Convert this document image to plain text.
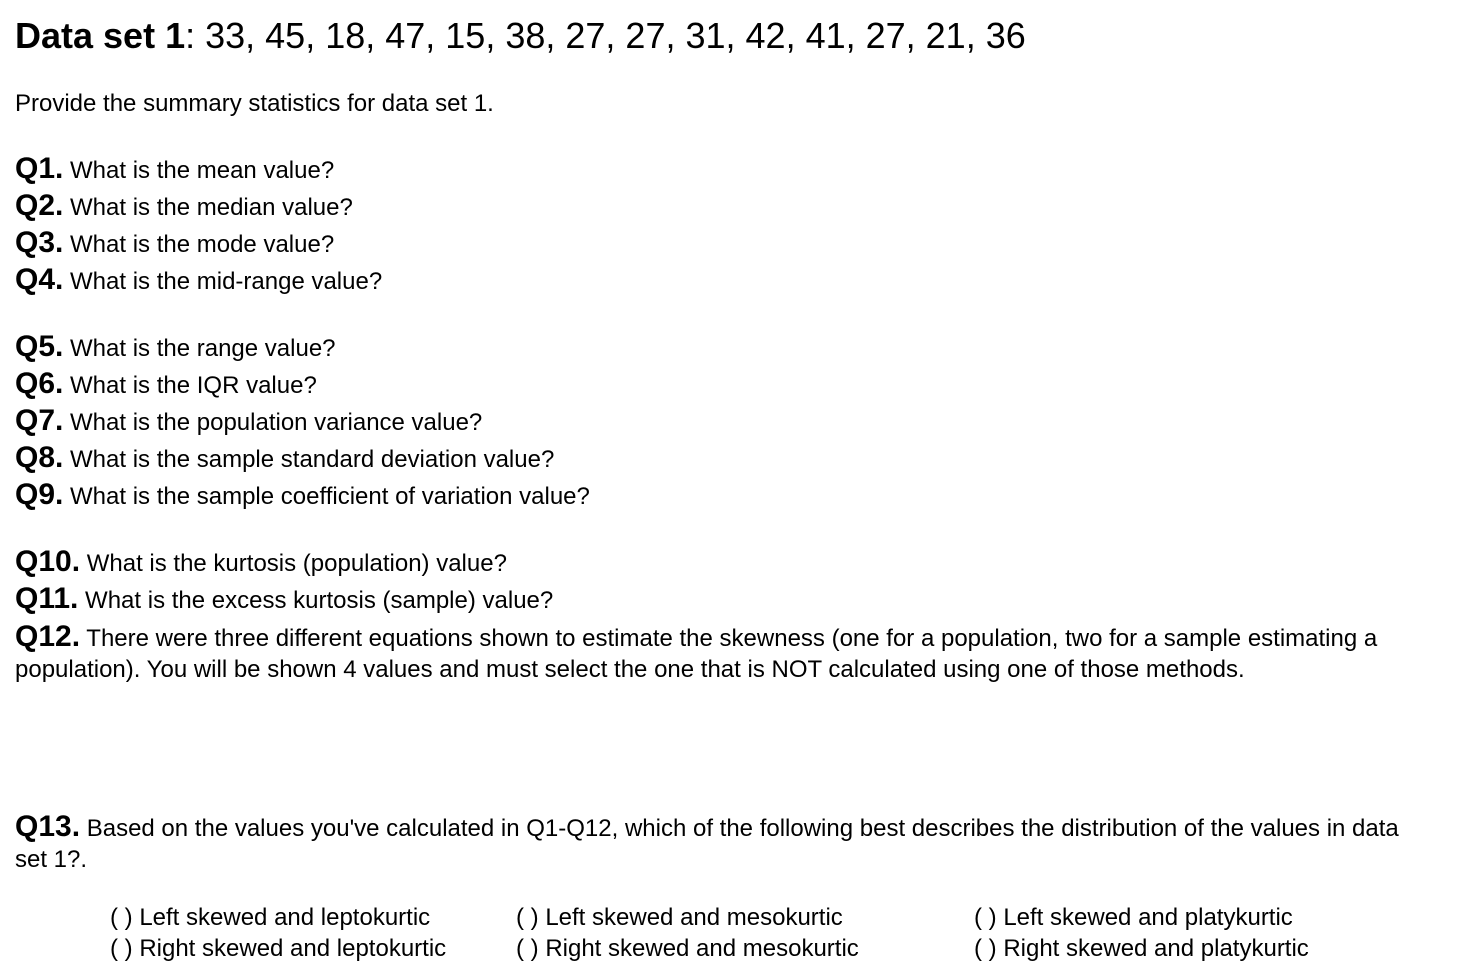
Data set 1: 33, 45, 18, 47, 15, 38, 27, 27, 31, 42, 41, 27, 21, 36
Provide the summary statistics for data set 1.
Q1. What is the mean value?
Q2. What is the median value?
Q3. What is the mode value?
Q4. What is the mid-range value?
Q5. What is the range value?
Q6. What is the IQR value?
Q7. What is the population variance value?
Q8. What is the sample standard deviation value?
Q9. What is the sample coefficient of variation value?
Q10. What is the kurtosis (population) value?
Q11. What is the excess kurtosis (sample) value?
Q12. There were three different equations shown to estimate the skewness (one for a population, two for a sample estimating a population). You will be shown 4 values and must select the one that is NOT calculated using one of those methods.
Q13. Based on the values you've calculated in Q1-Q12, which of the following best describes the distribution of the values in data set 1?.
( ) Left skewed and leptokurtic
( ) Right skewed and leptokurtic
( ) Left skewed and mesokurtic
( ) Right skewed and mesokurtic
( ) Left skewed and platykurtic
( ) Right skewed and platykurtic
